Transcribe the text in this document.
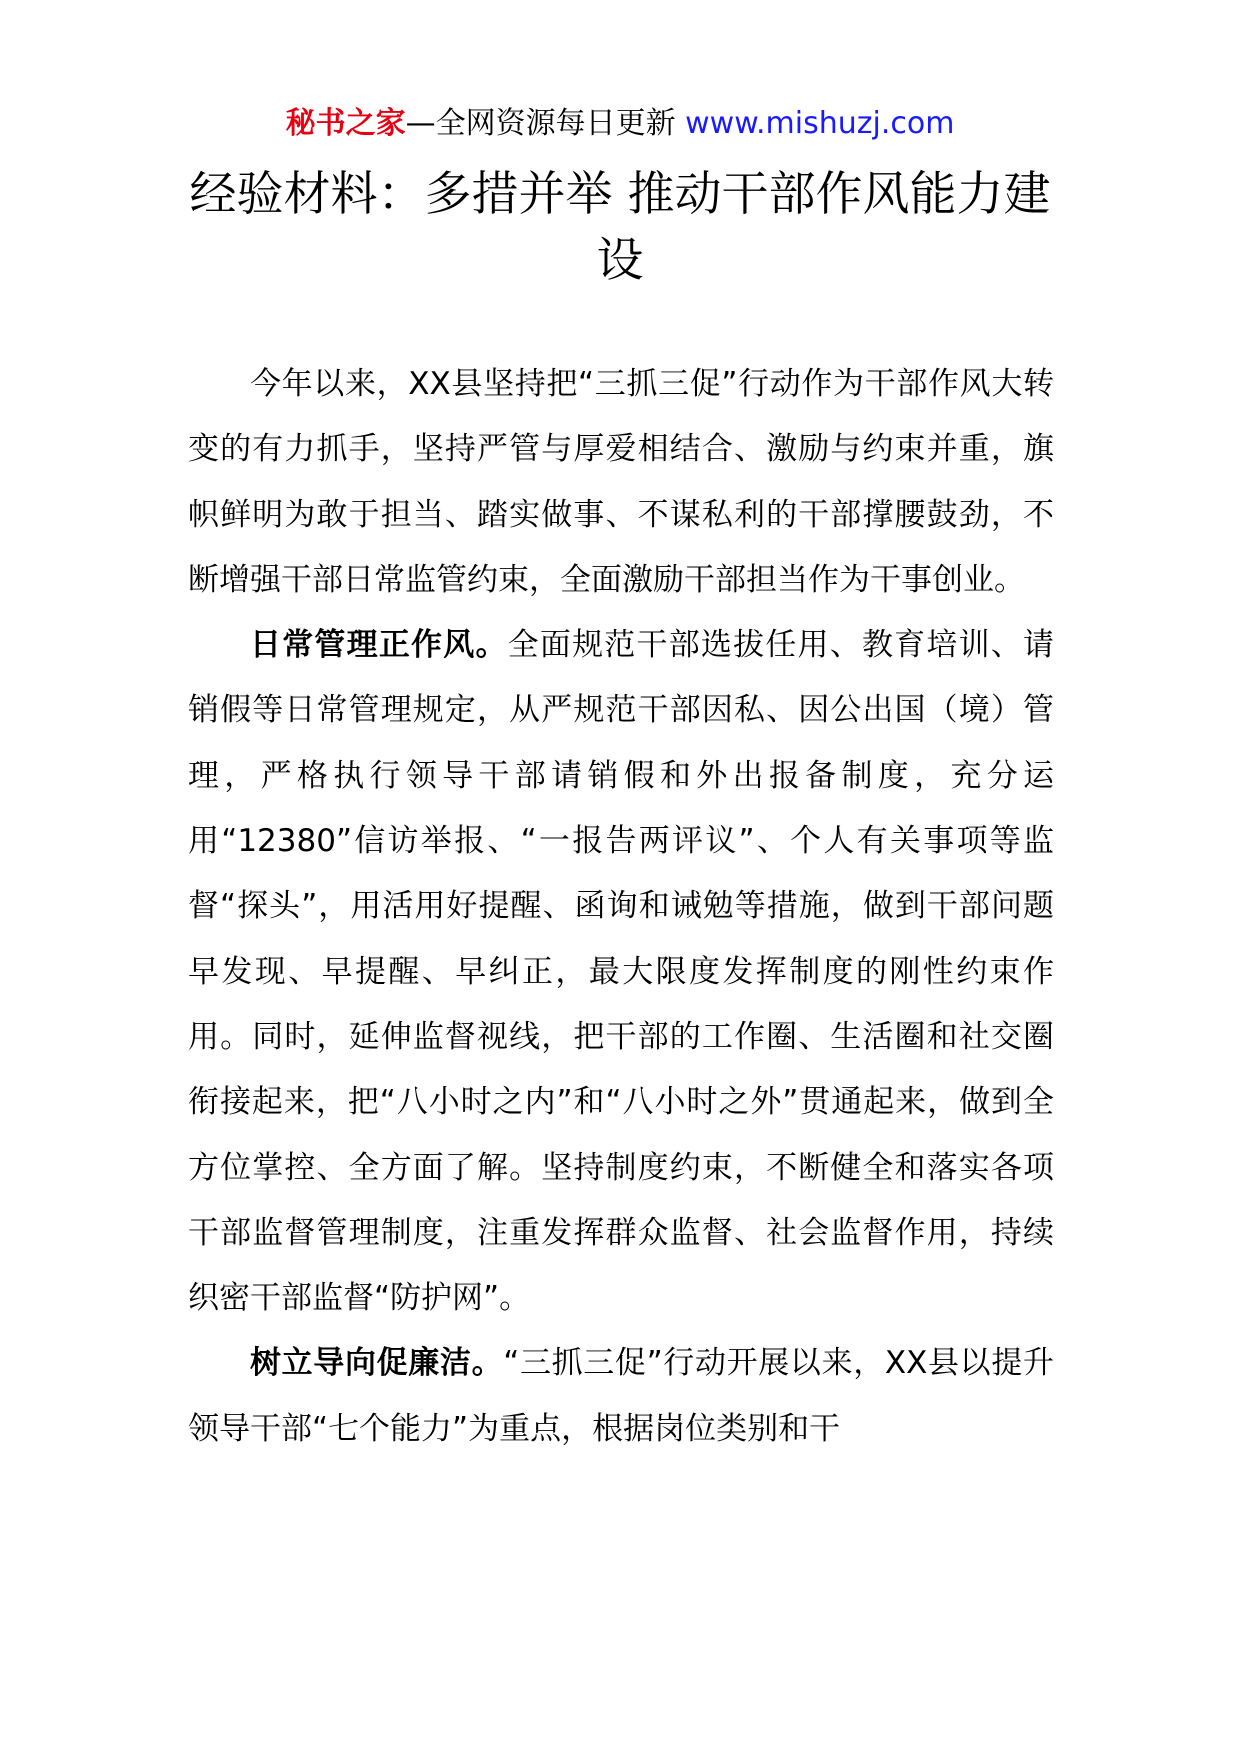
秘书之家—全网资源每日更新 www.mishuzj.com
经验材料：多措并举 推动干部作风能力建设

今年以来，XX县坚持把“三抓三促”行动作为干部作风大转变的有力抓手，坚持严管与厚爱相结合、激励与约束并重，旗帜鲜明为敢于担当、踏实做事、不谋私利的干部撑腰鼓劲，不断增强干部日常监管约束，全面激励干部担当作为干事创业。

日常管理正作风。全面规范干部选拔任用、教育培训、请销假等日常管理规定，从严规范干部因私、因公出国（境）管理，严格执行领导干部请销假和外出报备制度，充分运用“12380”信访举报、“一报告两评议”、个人有关事项等监督“探头”，用活用好提醒、函询和诫勉等措施，做到干部问题早发现、早提醒、早纠正，最大限度发挥制度的刚性约束作用。同时，延伸监督视线，把干部的工作圈、生活圈和社交圈衔接起来，把“八小时之内”和“八小时之外”贯通起来，做到全方位掌控、全方面了解。坚持制度约束，不断健全和落实各项干部监督管理制度，注重发挥群众监督、社会监督作用，持续织密干部监督“防护网”。

树立导向促廉洁。“三抓三促”行动开展以来，XX县以提升领导干部“七个能力”为重点，根据岗位类别和干
